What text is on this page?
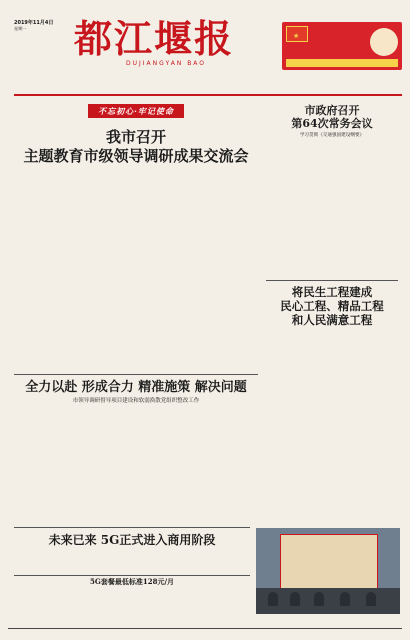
2019年11月4日
星期一	都江堰报
DUJIANGYAN BAO
★
不忘初心·牢记使命
我市召开
主题教育市级领导调研成果交流会
全力以赴 形成合力 精准施策 解决问题
市领导调研督导项目建设和软弱涣散党组织整改工作
市政府召开
第64次常务会议
学习贯彻《交通强国建设纲要》
将民生工程建成
民心工程、精品工程
和人民满意工程
未来已来 5G正式进入商用阶段
5G套餐最低标准128元/月
